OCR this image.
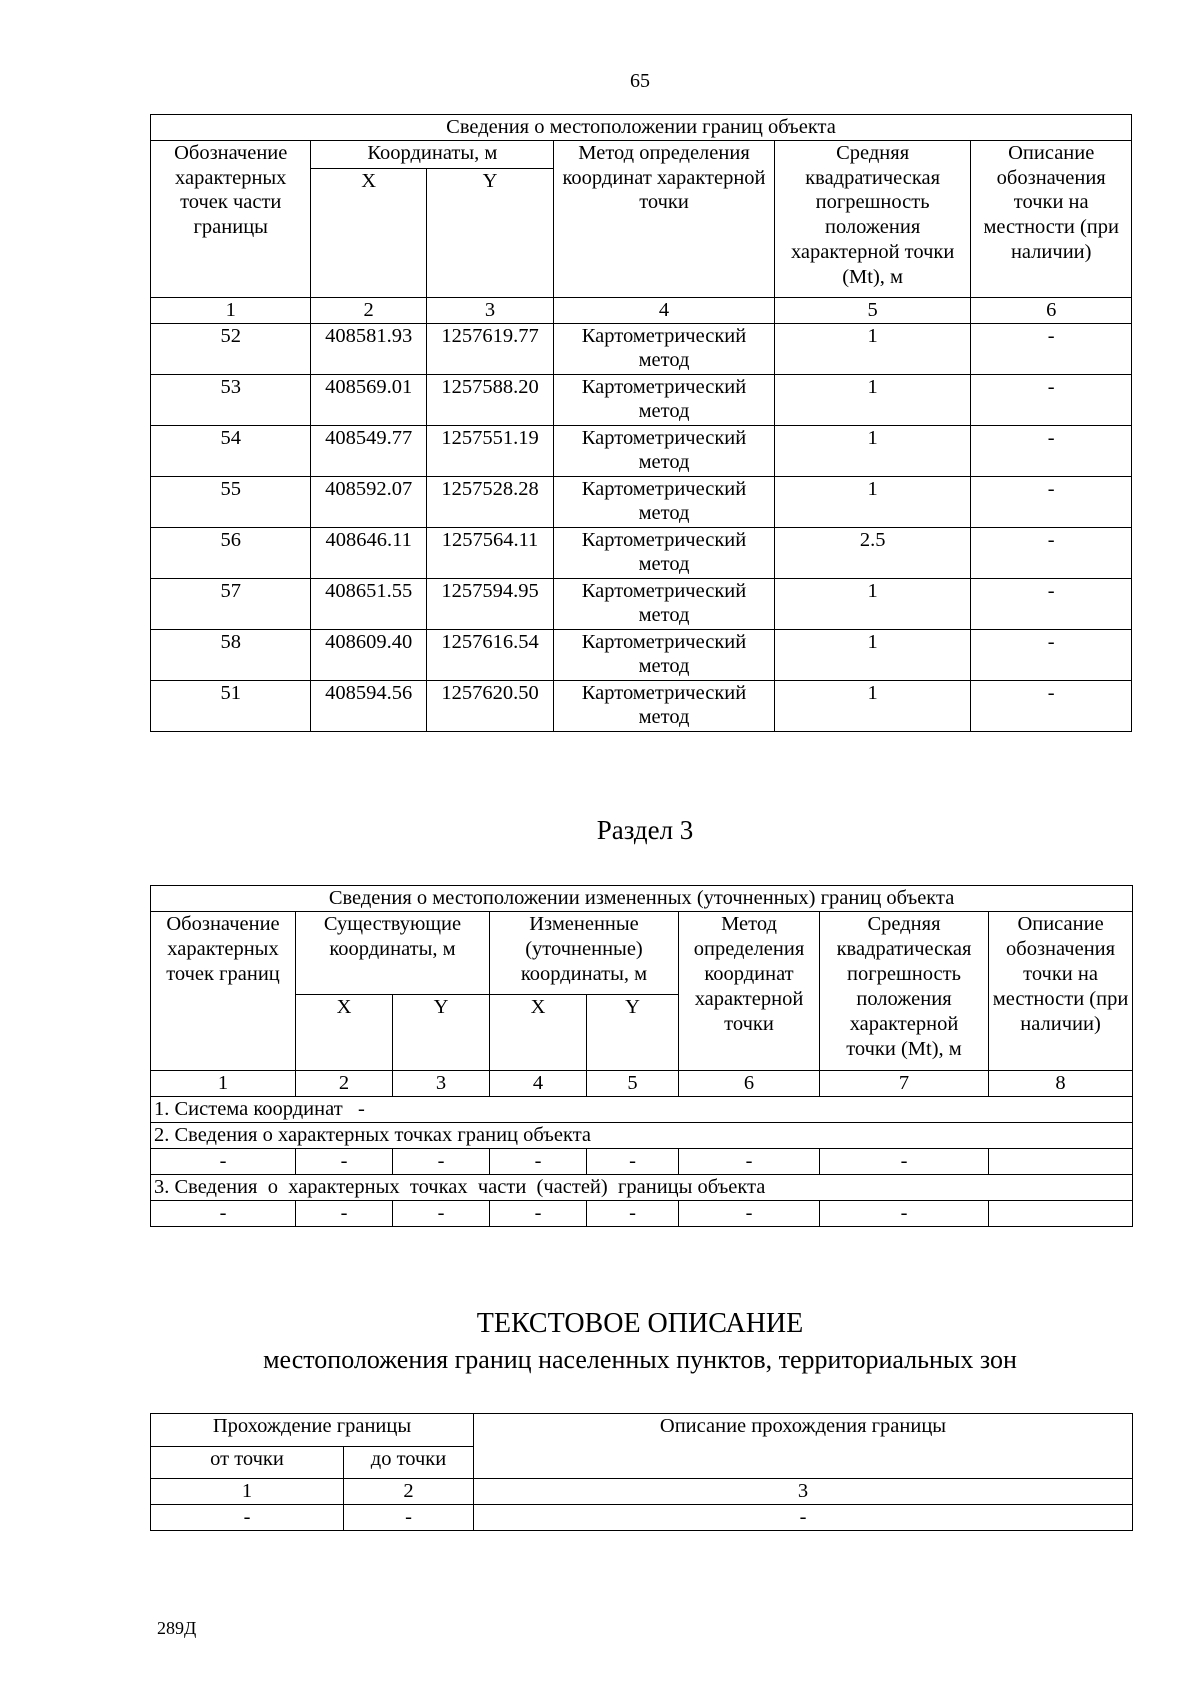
65
Сведения о местоположении границ объекта					
Обозначение характерных точек части границы	Координаты, м		Метод определения координат характерной точки	Средняя квадратическая погрешность положения характерной точки (Mt), м	Описание обозначения точки на местности (при наличии)
	X	Y			
1	2	3	4	5	6
52	408581.93	1257619.77	Картометрический метод	1	-
53	408569.01	1257588.20	Картометрический метод	1	-
54	408549.77	1257551.19	Картометрический метод	1	-
55	408592.07	1257528.28	Картометрический метод	1	-
56	408646.11	1257564.11	Картометрический метод	2.5	-
57	408651.55	1257594.95	Картометрический метод	1	-
58	408609.40	1257616.54	Картометрический метод	1	-
51	408594.56	1257620.50	Картометрический метод	1	-
Раздел 3
Сведения о местоположении измененных (уточненных) границ объекта							
Обозначение характерных точек границ	Существующие координаты, м		Измененные (уточненные) координаты, м		Метод определения координат характерной точки	Средняя квадратическая погрешность положения характерной точки (Mt), м	Описание обозначения точки на местности (при наличии)
	X	Y	X	Y			
1	2	3	4	5	6	7	8
1. Система координат   -							
2. Сведения о характерных точках границ объекта							
-	-	-	-	-	-	-	
3. Сведения  о  характерных  точках  части  (частей)  границы объекта							
-	-	-	-	-	-	-	
ТЕКСТОВОЕ ОПИСАНИЕ
местоположения границ населенных пунктов, территориальных зон
Прохождение границы		Описание прохождения границы
от точки	до точки	
1	2	3
-	-	-
289Д
